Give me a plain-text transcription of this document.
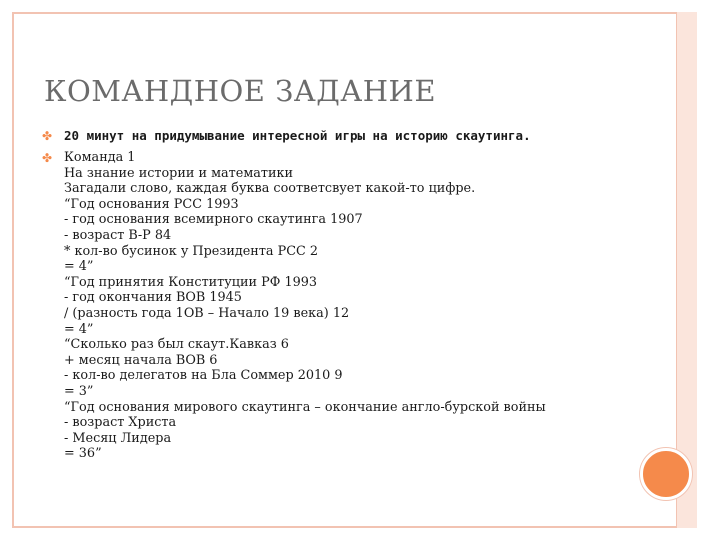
КОМАНДНОЕ ЗАДАНИЕ
✤ 20 минут на придумывание интересной игры на историю скаутинга.
✤ Команда 1
На знание истории и математики
Загадали слово, каждая буква соответсвует какой-то цифре.
“Год основания РСС 1993
- год основания всемирного скаутинга 1907
- возраст В-Р 84
* кол-во бусинок у Президента РСС 2
= 4”
“Год принятия Конституции РФ 1993
- год окончания ВОВ 1945
/ (разность года 1ОВ – Начало 19 века) 12
= 4”
“Сколько раз был скаут.Кавказ 6
+ месяц начала ВОВ 6
- кол-во делегатов на Бла Соммер 2010 9
= 3”
“Год основания мирового скаутинга – окончание англо-бурской войны
- возраст Христа
- Месяц Лидера
= 36”
